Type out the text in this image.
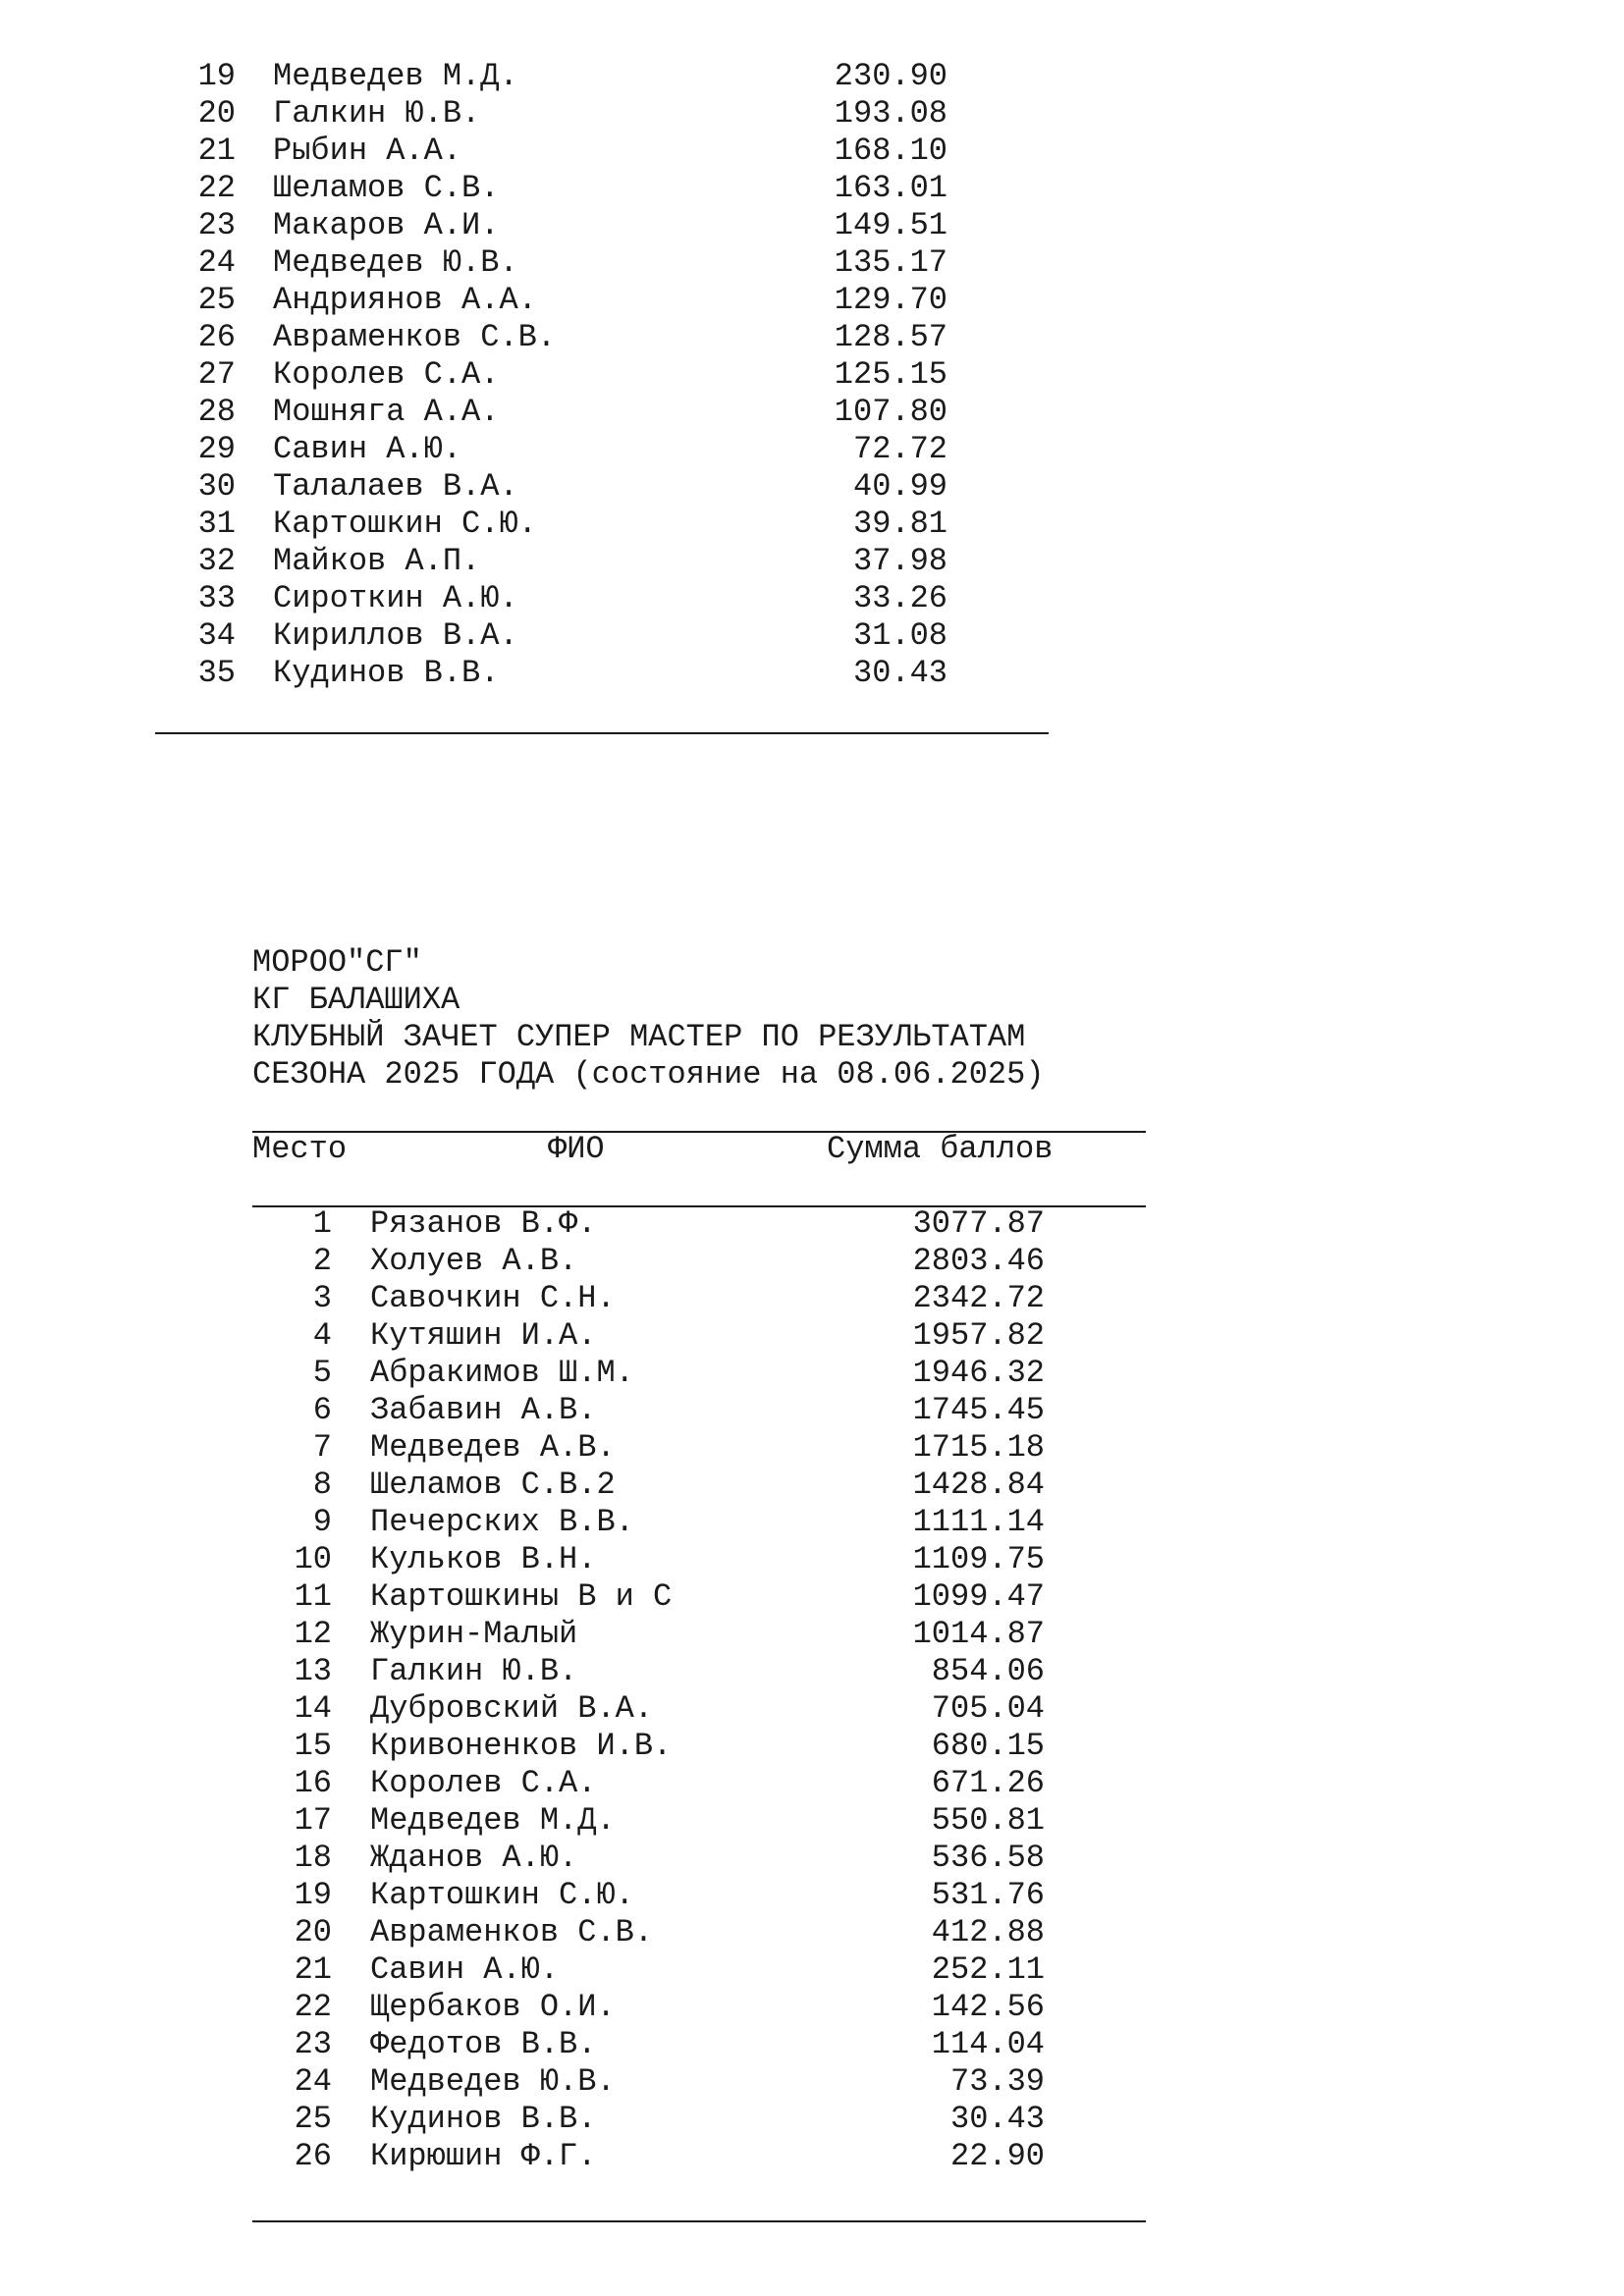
19 Медведев М.Д.	230.90
20 Галкин Ю.В.	193.08
21 Рыбин А.А.	168.10
22 Шеламов С.В.	163.01
23 Макаров А.И.	149.51
24 Медведев Ю.В.	135.17
25 Андриянов А.А.	129.70
26 Авраменков С.В.	128.57
27 Королев С.А.	125.15
28 Мошняга А.А.	107.80
29 Савин А.Ю.	72.72
30 Талалаев В.А.	40.99
31 Картошкин С.Ю.	39.81
32 Майков А.П.	37.98
33 Сироткин А.Ю.	33.26
34 Кириллов В.А.	31.08
35 Кудинов В.В.	30.43
МОРОО"СГ"
КГ БАЛАШИХА
КЛУБНЫЙ ЗАЧЕТ СУПЕР МАСТЕР ПО РЕЗУЛЬТАТАМ
СЕЗОНА 2025 ГОДА (состояние на 08.06.2025)
Место	ФИО	Сумма баллов
1 Рязанов В.Ф.	3077.87
2 Холуев А.В.	2803.46
3 Савочкин С.Н.	2342.72
4 Кутяшин И.А.	1957.82
5 Абракимов Ш.М.	1946.32
6 Забавин А.В.	1745.45
7 Медведев А.В.	1715.18
8 Шеламов С.В.2	1428.84
9 Печерских В.В.	1111.14
10 Кульков В.Н.	1109.75
11 Картошкины В и С	1099.47
12 Журин-Малый	1014.87
13 Галкин Ю.В.	854.06
14 Дубровский В.А.	705.04
15 Кривоненков И.В.	680.15
16 Королев С.А.	671.26
17 Медведев М.Д.	550.81
18 Жданов А.Ю.	536.58
19 Картошкин С.Ю.	531.76
20 Авраменков С.В.	412.88
21 Савин А.Ю.	252.11
22 Щербаков О.И.	142.56
23 Федотов В.В.	114.04
24 Медведев Ю.В.	73.39
25 Кудинов В.В.	30.43
26 Кирюшин Ф.Г.	22.90
